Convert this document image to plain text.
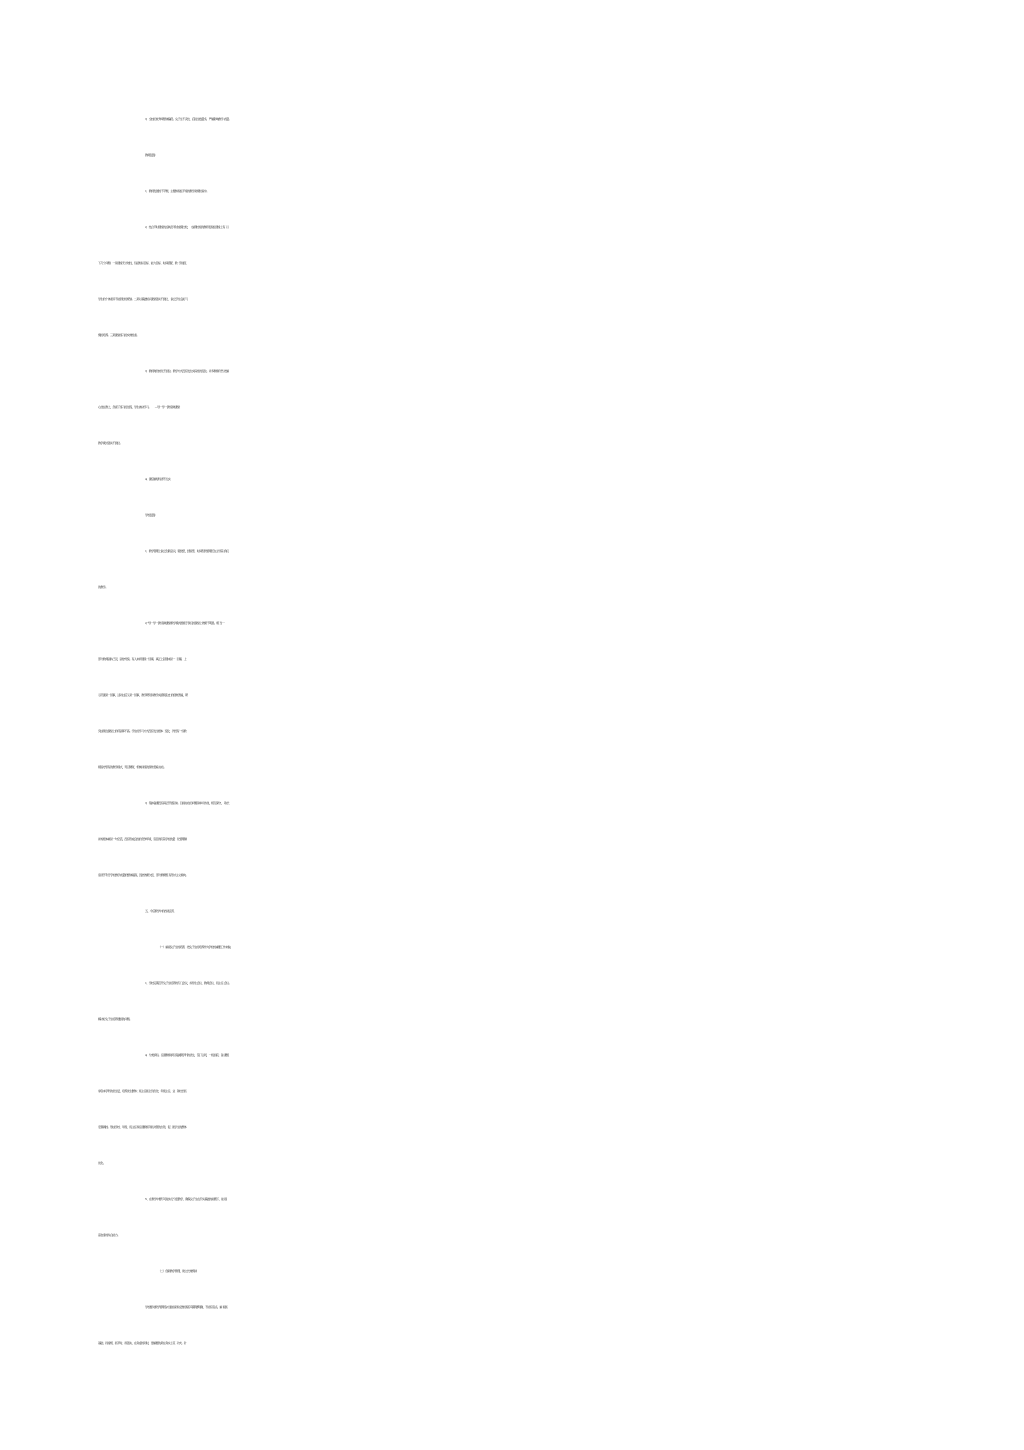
3．全校的优秀率整体偏低。尖子生不突出，后进生数量多，严重影响教学  质量。
教师层面：
1．教师发展的不平衡，主要体现在平常的教学常规检查中。
2．结合平时课堂的反映及考试成绩比较，     成绩较差的教师表现在课堂上有   以
下几个问题：一是课堂无计划性，包括知识目标、能力目标、时间搭配、教    学进度、
学生的个体差异不能很好的规划。二是对基础知识课堂落实不到位，  缺乏学生良好习
惯的培养。三是课堂练习的实效性差。
3．教师角色转化不到位。教学方式没有发生实际性的变化。许多教师仍然  把重
心放在教上，忽视了练习的过程，学生被动学习。           —导一学一测”高效课堂
教学模式落实不到位。
4、课后辅导抓得不扎实
学校层面：
1．教学管理上缺乏创新意识，粗放型，经验型、时间型的管理还在主导着  我们
的教学。
2．”导一学一测”高效课堂教学模式根植于我们的课堂上效果不明显。相  当一
部分教师固执己见，固守传统。有人来听课是一回事，真正上起课来是一     回事，上
示范课是一回事，活动过后又是一回事，教学研究和教学实践两张皮  的现象普遍，研
究成果在课堂上的巩固率不高。学生的学习方式没有发生根本     变化，仍然有一些教
师固守原有的教学模式，死记硬背，机械训练的现象普遍  存在。
3．集体备课没有真正开展起来。目前存在的问题是单兵作战，相互保守，   取长
补短根本就是一句空话，没有形成良性的竞争环境，盲目的盯着学校的量      化管理制
度,很不利于学校教学质量的整体提高，因此效果欠佳，部分教研组  有形式主义倾向。
五、今后教学中的改进意见
（一）重视尖子生的培养，把尖子生的培养作为学校的重要工作来做。
1、学校定期召开尖子生培养的专门会议，如学生会议、教师会议、班主任  会议。
解决好尖子生培养遇到的问题。
4．分类承包。任课教师承包有缺腿学科的优生，签订合同，一抓到底；备  课组
承包本学科的优生层，培养优生群体；班主任抓全员优化；年级主任、业     务校长抓
宏观调控。形成学校、年级、班主任和任课教师齐抓共管的态势，促     进学生的群体
优化。
5 、在教学中要尽可能实行分层教学，确保尖子生在打实基础的前题下，能  提
高自身的综合能力。
（二）创新教学管理，建立长效机制
学校要对教学管理各方面检查和反馈的程序等都要明确，不能有盲点。重  视抓
基础、抓常规、抓平时、抓落实，在务虚的同时，更重要的是在务实上花     功夫。针
